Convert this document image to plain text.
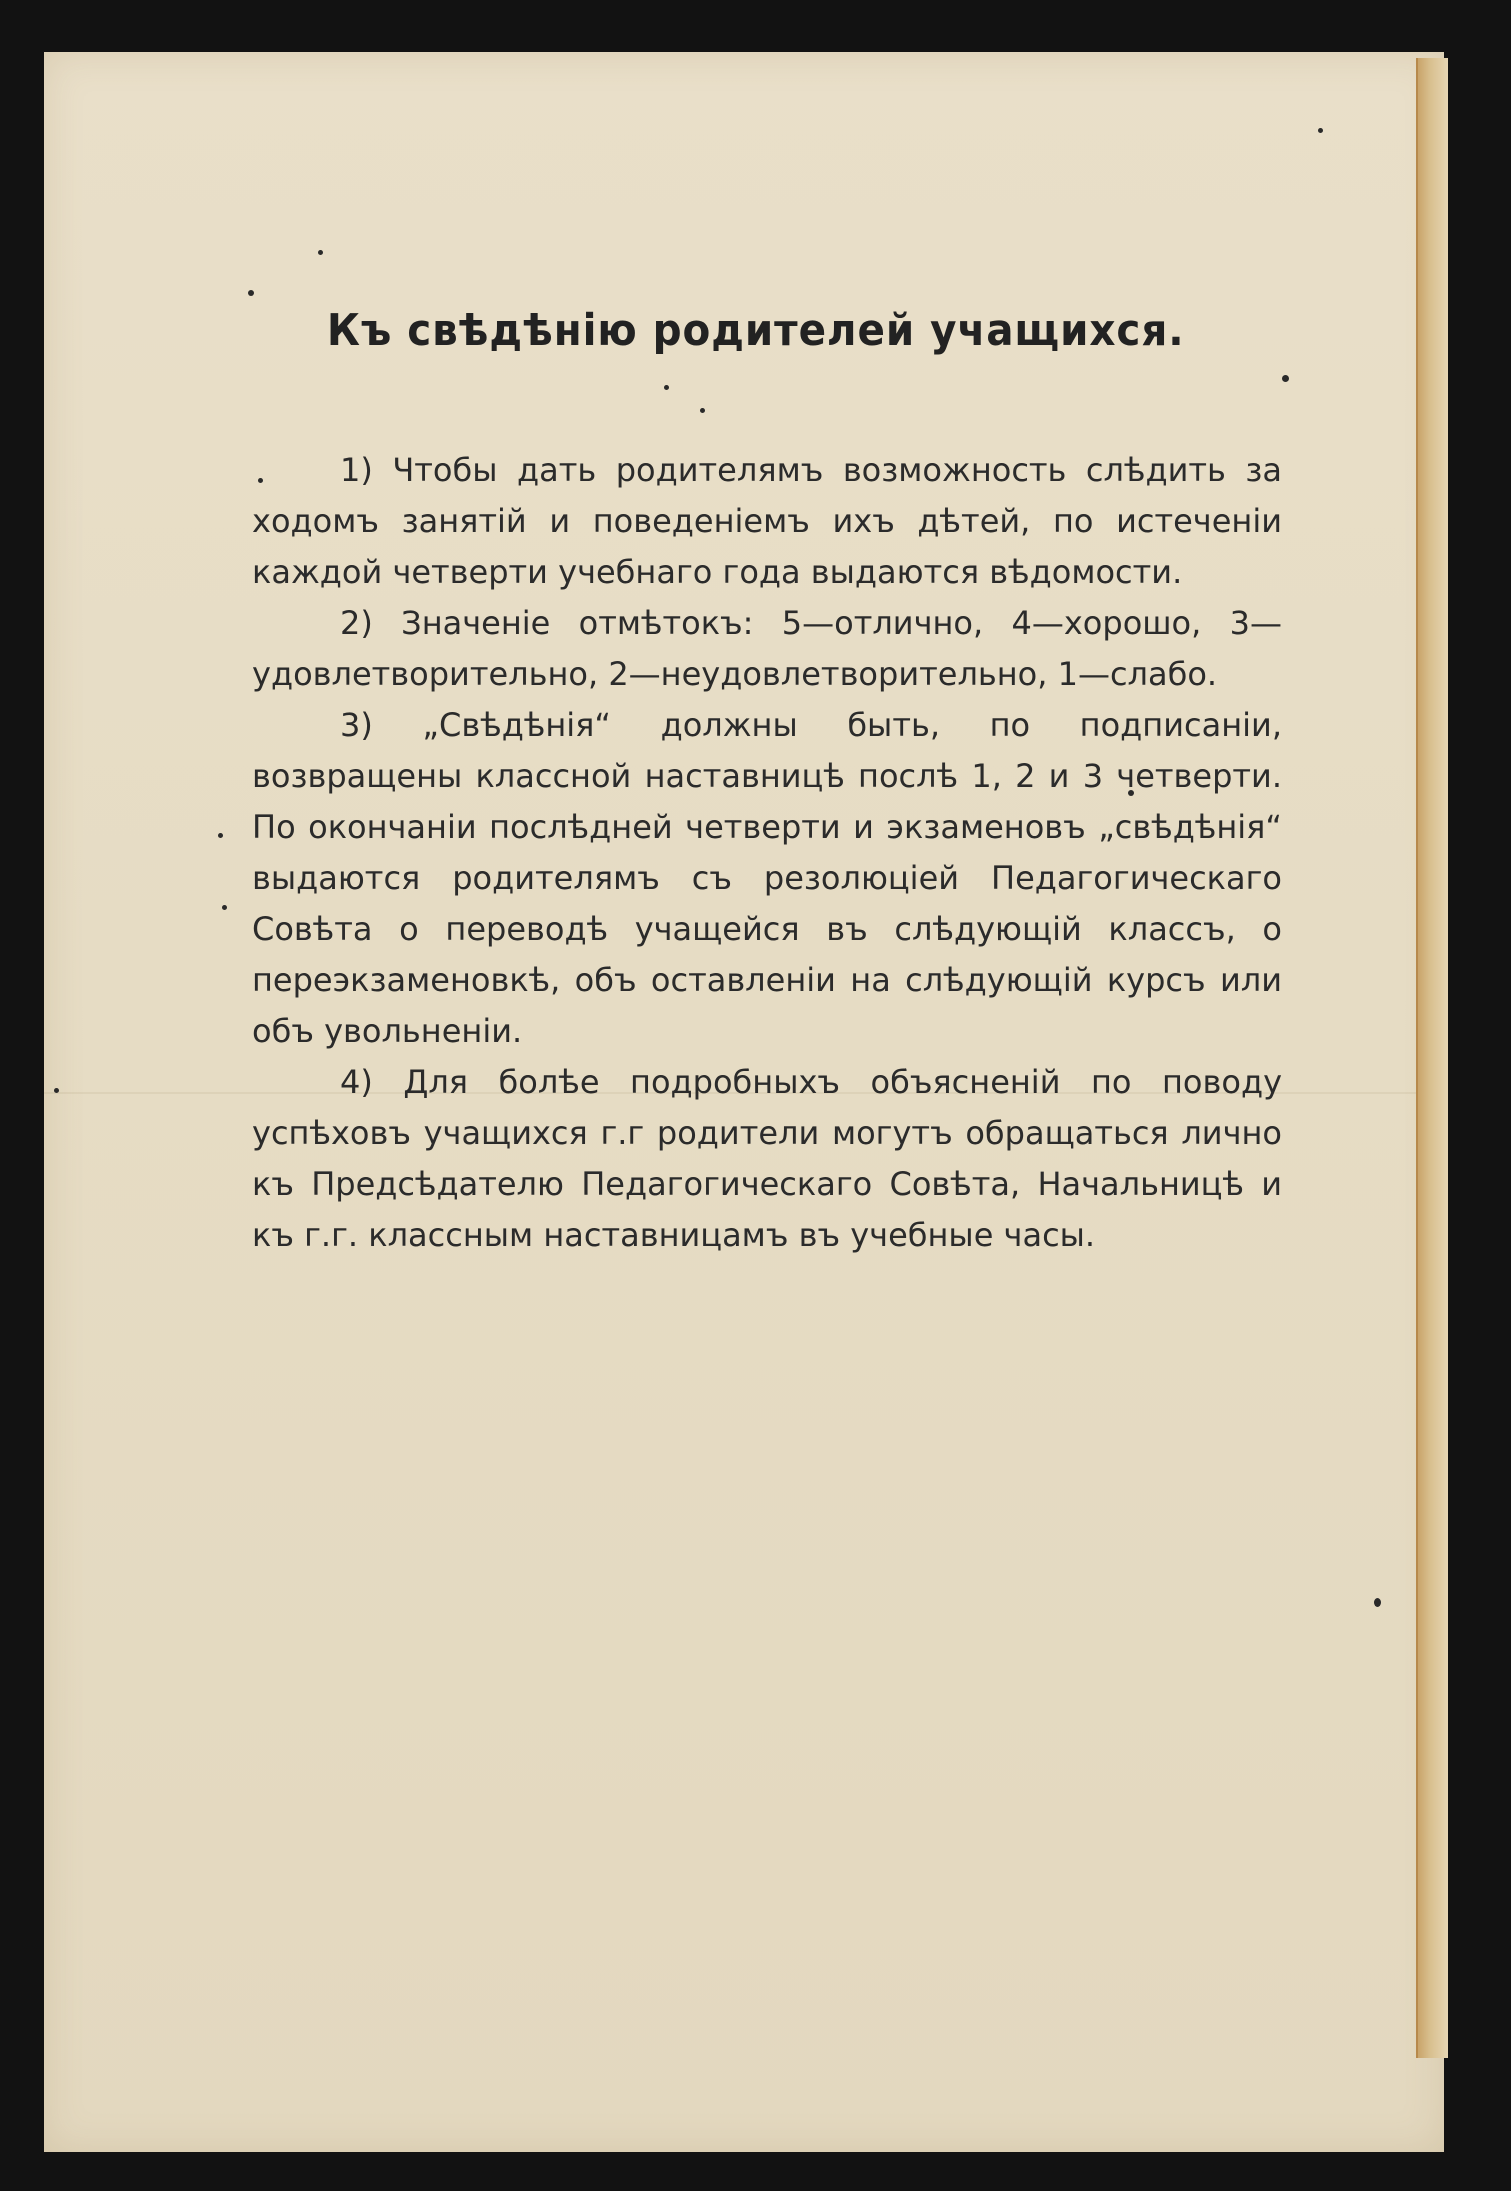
Къ свѣдѣнію родителей учащихся.

1) Чтобы дать родителямъ возможность слѣдить за ходомъ занятій и поведеніемъ ихъ дѣтей, по истеченіи каждой четверти учебнаго года выдаются вѣдомости.

2) Значеніе отмѣтокъ: 5—отлично, 4—хорошо, 3—удовлетворительно, 2—неудовлетворительно, 1—слабо.

3) „Свѣдѣнія“ должны быть, по подписаніи, возвращены классной наставницѣ послѣ 1, 2 и 3 четверти. По окончаніи послѣдней четверти и экзаменовъ „свѣдѣнія“ выдаются родителямъ съ резолюціей Педагогическаго Совѣта о переводѣ учащейся въ слѣдующій классъ, о переэкзаменовкѣ, объ оставленіи на слѣдующій курсъ или объ увольненіи.

4) Для болѣе подробныхъ объясненій по поводу успѣховъ учащихся г.г родители могутъ обращаться лично къ Предсѣдателю Педагогическаго Совѣта, Начальницѣ и къ г.г. классным наставницамъ въ учебные часы.
